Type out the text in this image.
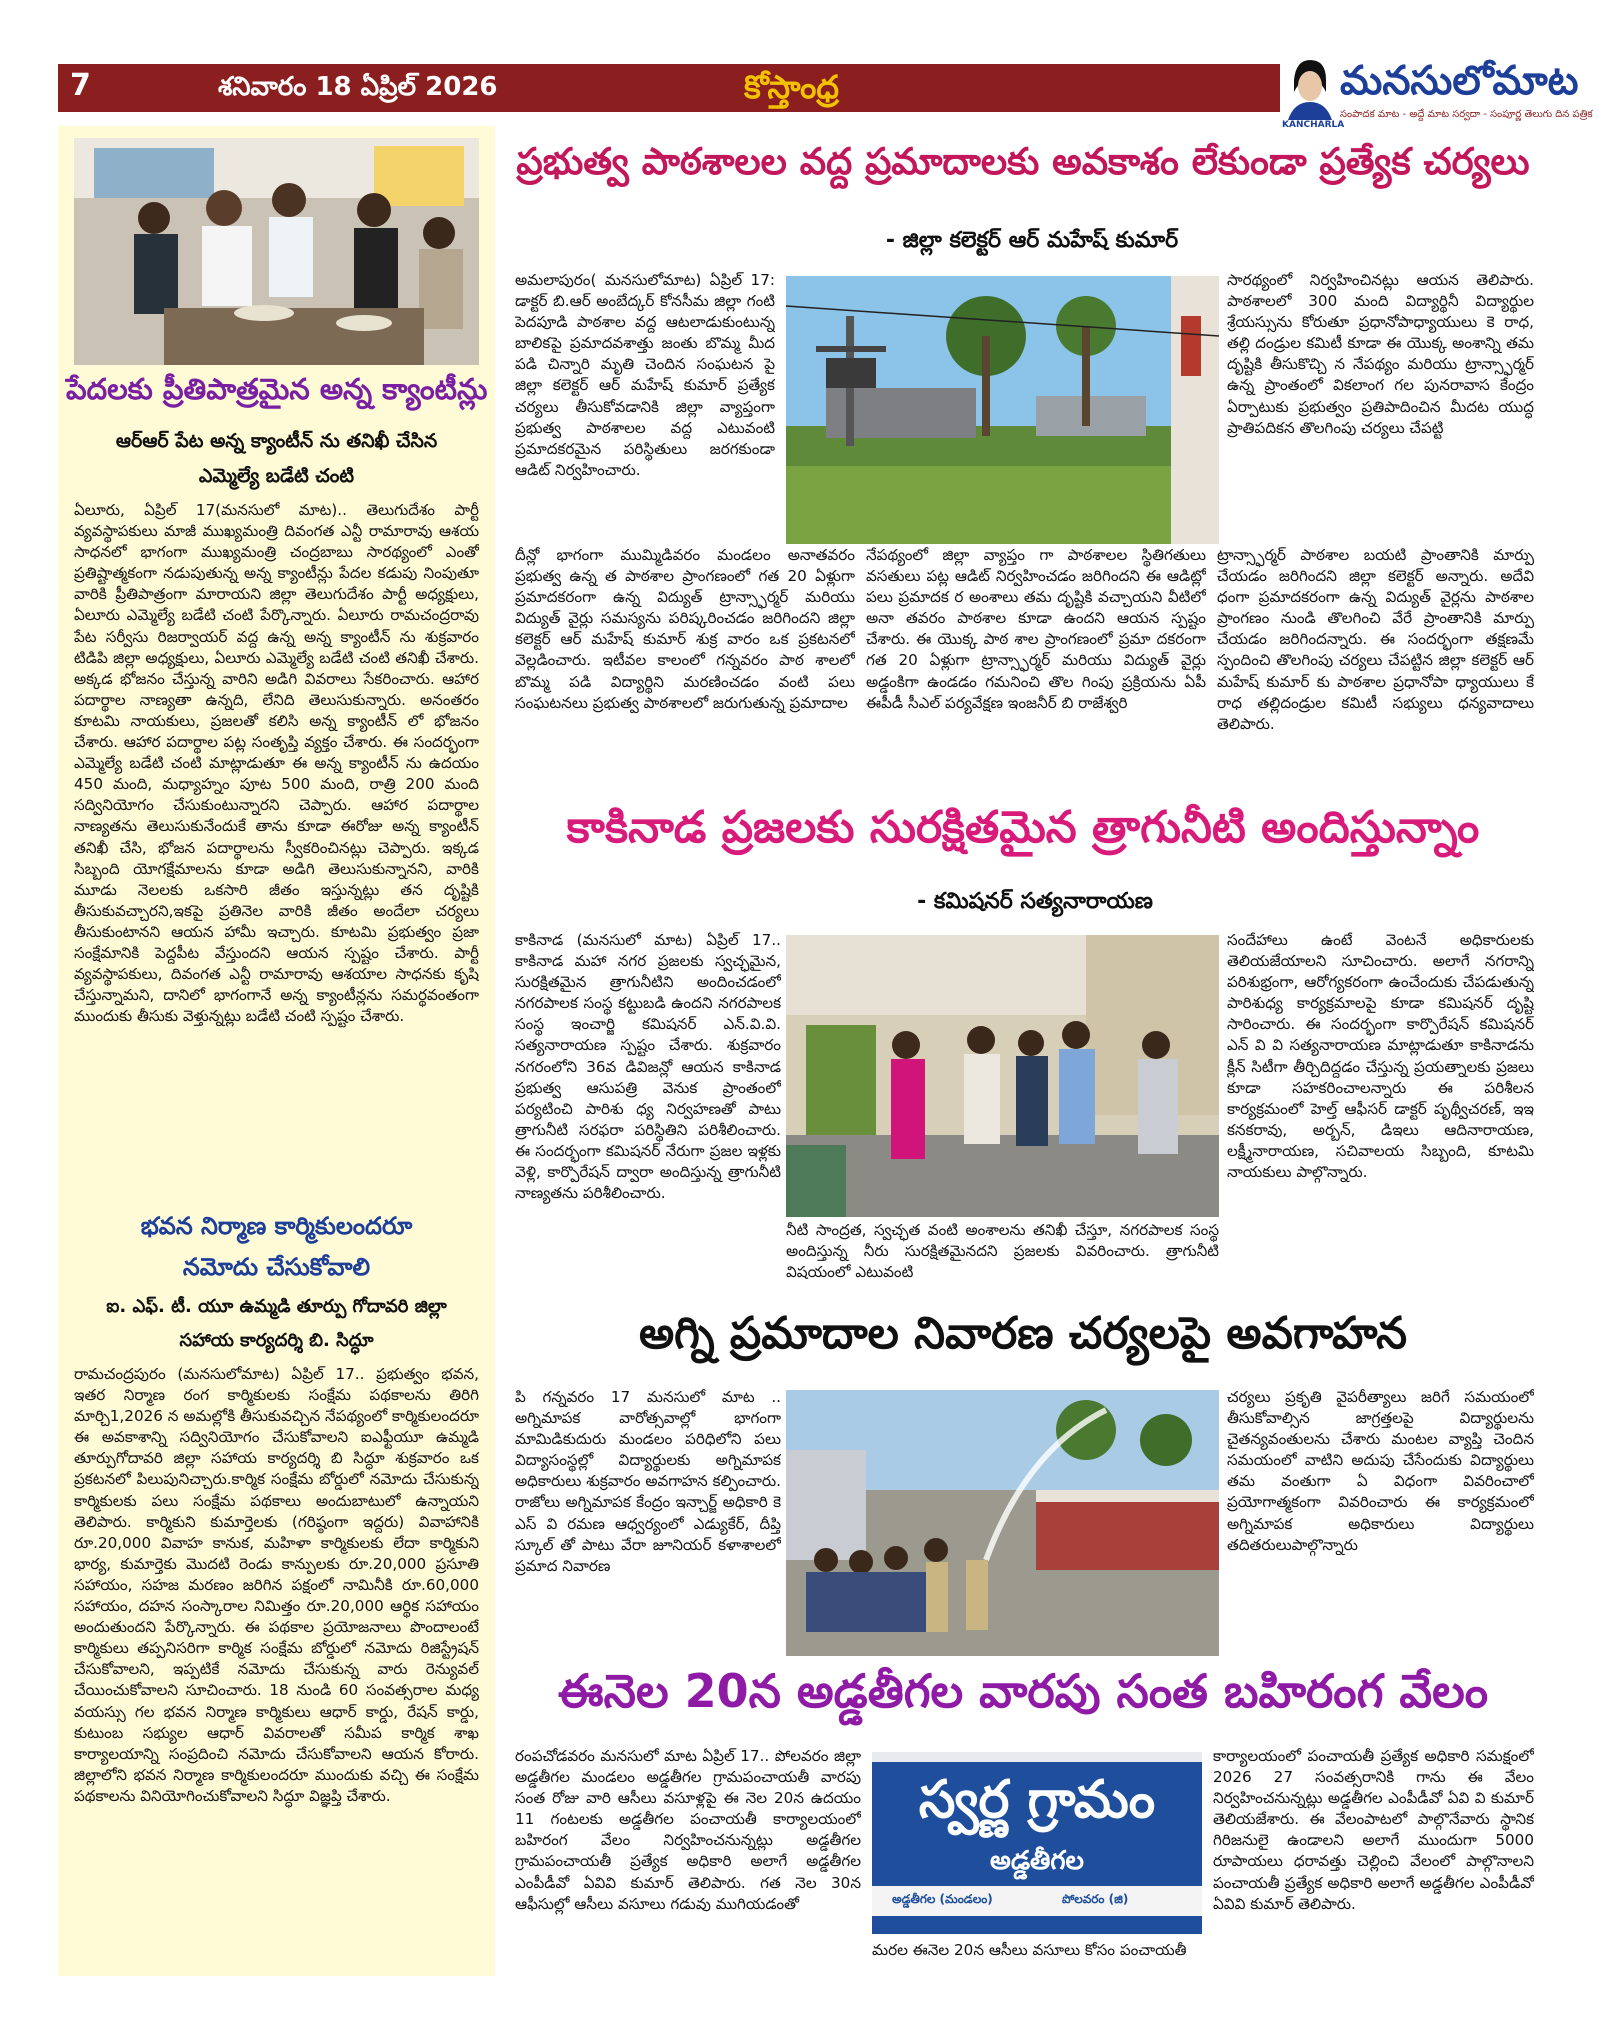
7	శనివారం 18 ఏప్రిల్ 2026	కోస్తాంధ్ర	మనసులోమాట
సంపాదక మాట - అద్దే మాట సర్వదా - సంపూర్ణ తెలుగు దిన పత్రిక
KANCHARLA
పేదలకు ప్రీతిపాత్రమైన అన్న క్యాంటీన్లు
ఆర్ఆర్ పేట అన్న క్యాంటీన్ ను తనిఖీ చేసిన
ఎమ్మెల్యే బడేటి చంటి

ఏలూరు, ఏప్రిల్ 17(మనసులో మాట).. తెలుగుదేశం పార్టీ వ్యవస్థాపకులు మాజీ ముఖ్యమంత్రి దివంగత ఎన్టీ రామారావు ఆశయ సాధనలో భాగంగా ముఖ్యమంత్రి చంద్రబాబు సారథ్యంలో ఎంతో ప్రతిష్టాత్మకంగా నడుపుతున్న అన్న క్యాంటీన్లు పేదల కడుపు నింపుతూ వారికి ప్రీతిపాత్రంగా మారాయని జిల్లా తెలుగుదేశం పార్టీ అధ్యక్షులు, ఏలూరు ఎమ్మెల్యే బడేటి చంటి పేర్కొన్నారు. ఏలూరు రామచంద్రరావు పేట సర్వీసు రిజర్వాయర్ వద్ద ఉన్న అన్న క్యాంటీన్ ను శుక్రవారం టిడిపి జిల్లా అధ్యక్షులు, ఏలూరు ఎమ్మెల్యే బడేటి చంటి తనిఖీ చేశారు. అక్కడ భోజనం చేస్తున్న వారిని అడిగి వివరాలు సేకరించారు. ఆహార పదార్థాల నాణ్యతా ఉన్నది, లేనిది తెలుసుకున్నారు. అనంతరం కూటమి నాయకులు, ప్రజలతో కలిసి అన్న క్యాంటీన్ లో భోజనం చేశారు. ఆహార పదార్థాల పట్ల సంతృప్తి వ్యక్తం చేశారు. ఈ సందర్భంగా ఎమ్మెల్యే బడేటి చంటి మాట్లాడుతూ ఈ అన్న క్యాంటీన్ ను ఉదయం 450 మంది, మధ్యాహ్నం పూట 500 మంది, రాత్రి 200 మంది సద్వినియోగం చేసుకుంటున్నారని చెప్పారు. ఆహార పదార్థాల నాణ్యతను తెలుసుకునేందుకే తాను కూడా ఈరోజు అన్న క్యాంటీన్ తనిఖీ చేసి, భోజన పదార్థాలను స్వీకరించినట్లు చెప్పారు. ఇక్కడ సిబ్బంది యోగక్షేమాలను కూడా అడిగి తెలుసుకున్నానని, వారికి మూడు నెలలకు ఒకసారి జీతం ఇస్తున్నట్లు తన దృష్టికి తీసుకువచ్చారని,ఇకపై ప్రతినెల వారికి జీతం అందేలా చర్యలు తీసుకుంటానని ఆయన హామీ ఇచ్చారు. కూటమి ప్రభుత్వం ప్రజా సంక్షేమానికి పెద్దపీట వేస్తుందని ఆయన స్పష్టం చేశారు. పార్టీ వ్యవస్థాపకులు, దివంగత ఎన్టీ రామారావు ఆశయాల సాధనకు కృషి చేస్తున్నామని, దానిలో భాగంగానే అన్న క్యాంటీన్లను సమర్థవంతంగా ముందుకు తీసుకు వెళ్తున్నట్లు బడేటి చంటి స్పష్టం చేశారు.

భవన నిర్మాణ కార్మికులందరూ
నమోదు చేసుకోవాలి
ఐ. ఎఫ్. టీ. యూ ఉమ్మడి తూర్పు గోదావరి జిల్లా
సహాయ కార్యదర్శి బి. సిద్ధూ

రామచంద్రపురం (మనసులోమాట) ఏప్రిల్ 17.. ప్రభుత్వం భవన, ఇతర నిర్మాణ రంగ కార్మికులకు సంక్షేమ పథకాలను తిరిగి మార్చి1,2026 న అమల్లోకి తీసుకువచ్చిన నేపథ్యంలో కార్మికులందరూ ఈ అవకాశాన్ని సద్వినియోగం చేసుకోవాలని ఐఎఫ్టీయూ ఉమ్మడి తూర్పుగోదావరి జిల్లా సహాయ కార్యదర్శి బి సిద్ధూ శుక్రవారం ఒక ప్రకటనలో పిలుపునిచ్చారు.కార్మిక సంక్షేమ బోర్డులో నమోదు చేసుకున్న కార్మికులకు పలు సంక్షేమ పథకాలు అందుబాటులో ఉన్నాయని తెలిపారు. కార్మికుని కుమార్తెలకు (గరిష్ఠంగా ఇద్దరు) వివాహానికి రూ.20,000 వివాహ కానుక, మహిళా కార్మికులకు లేదా కార్మికుని భార్య, కుమార్తెకు మొదటి రెండు కాన్పులకు రూ.20,000 ప్రసూతి సహాయం, సహజ మరణం జరిగిన పక్షంలో నామినీకి రూ.60,000 సహాయం, దహన సంస్కారాల నిమిత్తం రూ.20,000 ఆర్థిక సహాయం అందుతుందని పేర్కొన్నారు. ఈ పథకాల ప్రయోజనాలు పొందాలంటే కార్మికులు తప్పనిసరిగా కార్మిక సంక్షేమ బోర్డులో నమోదు రిజిస్ట్రేషన్ చేసుకోవాలని, ఇప్పటికే నమోదు చేసుకున్న వారు రెన్యువల్ చేయించుకోవాలని సూచించారు. 18 నుండి 60 సంవత్సరాల మధ్య వయస్సు గల భవన నిర్మాణ కార్మికులు ఆధార్ కార్డు, రేషన్ కార్డు, కుటుంబ సభ్యుల ఆధార్ వివరాలతో సమీప కార్మిక శాఖ కార్యాలయాన్ని సంప్రదించి నమోదు చేసుకోవాలని ఆయన కోరారు. జిల్లాలోని భవన నిర్మాణ కార్మికులందరూ ముందుకు వచ్చి ఈ సంక్షేమ పథకాలను వినియోగించుకోవాలని సిద్ధూ విజ్ఞప్తి చేశారు.

ప్రభుత్వ పాఠశాలల వద్ద ప్రమాదాలకు అవకాశం లేకుండా ప్రత్యేక చర్యలు
- జిల్లా కలెక్టర్ ఆర్ మహేష్ కుమార్

అమలాపురం( మనసులోమాట) ఏప్రిల్ 17: డాక్టర్ బి.ఆర్ అంబేద్కర్ కోనసీమ జిల్లా గంటి పెదపూడి పాఠశాల వద్ద ఆటలాడుకుంటున్న బాలికపై ప్రమాదవశాత్తు జంతు బొమ్మ మీద పడి చిన్నారి మృతి చెందిన సంఘటన పై జిల్లా కలెక్టర్ ఆర్ మహేష్ కుమార్ ప్రత్యేక చర్యలు తీసుకోవడానికి జిల్లా వ్యాప్తంగా ప్రభుత్వ పాఠశాలల వద్ద ఎటువంటి ప్రమాదకరమైన పరిస్థితులు జరగకుండా ఆడిట్ నిర్వహించారు.

సారథ్యంలో నిర్వహించినట్లు ఆయన తెలిపారు. పాఠశాలలో 300 మంది విద్యార్థినీ విద్యార్థుల శ్రేయస్సును కోరుతూ ప్రధానోపాధ్యాయులు కె రాధ, తల్లి దండ్రుల కమిటీ కూడా ఈ యొక్క అంశాన్ని తమ దృష్టికి తీసుకొచ్చి న నేపథ్యం మరియు ట్రాన్స్ఫార్మర్ ఉన్న ప్రాంతంలో వికలాంగ గల పునరావాస కేంద్రం ఏర్పాటుకు ప్రభుత్వం ప్రతిపాదించిన మీదట యుద్ధ ప్రాతిపదికన తొలగింపు చర్యలు చేపట్టి

దీన్లో భాగంగా ముమ్మిడివరం మండలం అనాతవరం ప్రభుత్వ ఉన్న త పాఠశాల ప్రాంగణంలో గత 20 ఏళ్లుగా ప్రమాదకరంగా ఉన్న విద్యుత్ ట్రాన్స్ఫార్మర్ మరియు విద్యుత్ వైర్లు సమస్యను పరిష్కరించడం జరిగిందని జిల్లా కలెక్టర్ ఆర్ మహేష్ కుమార్ శుక్ర వారం ఒక ప్రకటనలో వెల్లడించారు. ఇటీవల కాలంలో గన్నవరం పాఠ శాలలో బొమ్మ పడి విద్యార్థిని మరణించడం వంటి పలు సంఘటనలు ప్రభుత్వ పాఠశాలలో జరుగుతున్న ప్రమాదాల

నేపథ్యంలో జిల్లా వ్యాప్తం గా పాఠశాలల స్థితిగతులు వసతులు పట్ల ఆడిట్ నిర్వహించడం జరిగిందని ఈ ఆడిట్లో పలు ప్రమాదక ర అంశాలు తమ దృష్టికి వచ్చాయని వీటిలో అనా తవరం పాఠశాల కూడా ఉందని ఆయన స్పష్టం చేశారు. ఈ యొక్క పాఠ శాల ప్రాంగణంలో ప్రమా దకరంగా గత 20 ఏళ్లుగా ట్రాన్స్ఫార్మర్ మరియు విద్యుత్ వైర్లు అడ్డంకిగా ఉండడం గమనించి తొల గింపు ప్రక్రియను ఏపీ ఈపీడీ సీఎల్ పర్యవేక్షణ ఇంజనీర్ బి రాజేశ్వరి

ట్రాన్స్ఫార్మర్ పాఠశాల బయటి ప్రాంతానికి మార్పు చేయడం జరిగిందని జిల్లా కలెక్టర్ అన్నారు. అదేవి ధంగా ప్రమాదకరంగా ఉన్న విద్యుత్ వైర్లను పాఠశాల ప్రాంగణం నుండి తొలగించి వేరే ప్రాంతానికి మార్పు చేయడం జరిగిందన్నారు. ఈ సందర్భంగా తక్షణమే స్పందించి తొలగింపు చర్యలు చేపట్టిన జిల్లా కలెక్టర్ ఆర్ మహేష్ కుమార్ కు పాఠశాల ప్రధానోపా ధ్యాయులు కే రాధ తల్లిదండ్రుల కమిటీ సభ్యులు ధన్యవాదాలు తెలిపారు.

కాకినాడ ప్రజలకు సురక్షితమైన త్రాగునీటి అందిస్తున్నాం
- కమిషనర్ సత్యనారాయణ

కాకినాడ (మనసులో మాట) ఏప్రిల్ 17.. కాకినాడ మహా నగర ప్రజలకు స్వచ్ఛమైన, సురక్షితమైన త్రాగునీటిని అందించడంలో నగరపాలక సంస్థ కట్టుబడి ఉందని నగరపాలక సంస్థ ఇంచార్జి కమిషనర్ ఎన్.వి.వి. సత్యనారాయణ స్పష్టం చేశారు. శుక్రవారం నగరంలోని 36వ డివిజన్లో ఆయన కాకినాడ ప్రభుత్వ ఆసుపత్రి వెనుక ప్రాంతంలో పర్యటించి పారిశు ధ్య నిర్వహణతో పాటు త్రాగునీటి సరఫరా పరిస్థితిని పరిశీలించారు. ఈ సందర్భంగా కమిషనర్ నేరుగా ప్రజల ఇళ్లకు వెళ్లి, కార్పొరేషన్ ద్వారా అందిస్తున్న త్రాగునీటి నాణ్యతను పరిశీలించారు.

నీటి సాంద్రత, స్వచ్ఛత వంటి అంశాలను తనిఖీ చేస్తూ, నగరపాలక సంస్థ అందిస్తున్న నీరు సురక్షితమైనదని ప్రజలకు వివరించారు. త్రాగునీటి విషయంలో ఎటువంటి

సందేహాలు ఉంటే వెంటనే అధికారులకు తెలియజేయాలని సూచించారు. అలాగే నగరాన్ని పరిశుభ్రంగా, ఆరోగ్యకరంగా ఉంచేందుకు చేపడుతున్న పారిశుధ్య కార్యక్రమాలపై కూడా కమిషనర్ దృష్టి సారించారు. ఈ సందర్భంగా కార్పొరేషన్ కమిషనర్ ఎన్ వి వి సత్యనారాయణ మాట్లాడుతూ కాకినాడను క్లీన్ సిటీగా తీర్చిదిద్దడం చేస్తున్న ప్రయత్నాలకు ప్రజలు కూడా సహకరించాలన్నారు ఈ పరిశీలన కార్యక్రమంలో హెల్త్ ఆఫీసర్ డాక్టర్ పృథ్వీచరణ్, ఇఇ కనకరావు, అర్బన్, డిఇలు ఆదినారాయణ, లక్ష్మీనారాయణ, సచివాలయ సిబ్బంది, కూటమి నాయకులు పాల్గొన్నారు.

అగ్ని ప్రమాదాల నివారణ చర్యలపై అవగాహన

పి గన్నవరం 17 మనసులో మాట .. అగ్నిమాపక వారోత్సవాల్లో భాగంగా మామిడికుదురు మండలం పరిధిలోని పలు విద్యాసంస్థల్లో విద్యార్థులకు అగ్నిమాపక అధికారులు శుక్రవారం అవగాహన కల్పించారు. రాజోలు అగ్నిమాపక కేంద్రం ఇన్చార్జ్ అధికారి కె ఎస్ వి రమణ ఆధ్వర్యంలో ఎడ్యుకేర్, దీప్తి స్కూల్ తో పాటు వేరా జూనియర్ కళాశాలలో ప్రమాద నివారణ

చర్యలు ప్రకృతి వైపరీత్యాలు జరిగే సమయంలో తీసుకోవాల్సిన జాగ్రత్తలపై విద్యార్థులను చైతన్యవంతులను చేశారు మంటల వ్యాప్తి చెందిన సమయంలో వాటిని అదుపు చేసేందుకు విద్యార్థులు తమ వంతుగా ఏ విధంగా వివరించాలో ప్రయోగాత్మకంగా వివరించారు ఈ కార్యక్రమంలో అగ్నిమాపక అధికారులు విద్యార్థులు తదితరులుపాల్గొన్నారు

ఈనెల 20న అడ్డతీగల వారపు సంత బహిరంగ వేలం

రంపచోడవరం మనసులో మాట ఏప్రిల్ 17.. పోలవరం జిల్లా అడ్డతీగల మండలం అడ్డతీగల గ్రామపంచాయతీ వారపు సంత రోజు వారి ఆసీలు వసూళ్లపై ఈ నెల 20న ఉదయం 11 గంటలకు అడ్డతీగల పంచాయతీ కార్యాలయంలో బహిరంగ వేలం నిర్వహించనున్నట్లు అడ్డతీగల గ్రామపంచాయతీ ప్రత్యేక అధికారి అలాగే అడ్డతీగల ఎంపీడీవో ఏవివి కుమార్ తెలిపారు. గత నెల 30న ఆఫీసుల్లో ఆసీలు వసూలు గడువు ముగియడంతో

స్వర్ణ గ్రామం
అడ్డతీగల
అడ్డతీగల (మండలం)	పోలవరం (జి)

మరల ఈనెల 20న ఆసీలు వసూలు కోసం పంచాయతీ

కార్యాలయంలో పంచాయతీ ప్రత్యేక అధికారి సమక్షంలో 2026 27 సంవత్సరానికి గాను ఈ వేలం నిర్వహించనున్నట్లు అడ్డతీగల ఎంపీడీవో ఏవి వి కుమార్ తెలియజేశారు. ఈ వేలంపాటలో పాల్గొనేవారు స్థానిక గిరిజనులై ఉండాలని అలాగే ముందుగా 5000 రూపాయలు ధరావత్తు చెల్లించి వేలంలో పాల్గొనాలని పంచాయతీ ప్రత్యేక అధికారి అలాగే అడ్డతీగల ఎంపీడీవో ఏవివి కుమార్ తెలిపారు.
